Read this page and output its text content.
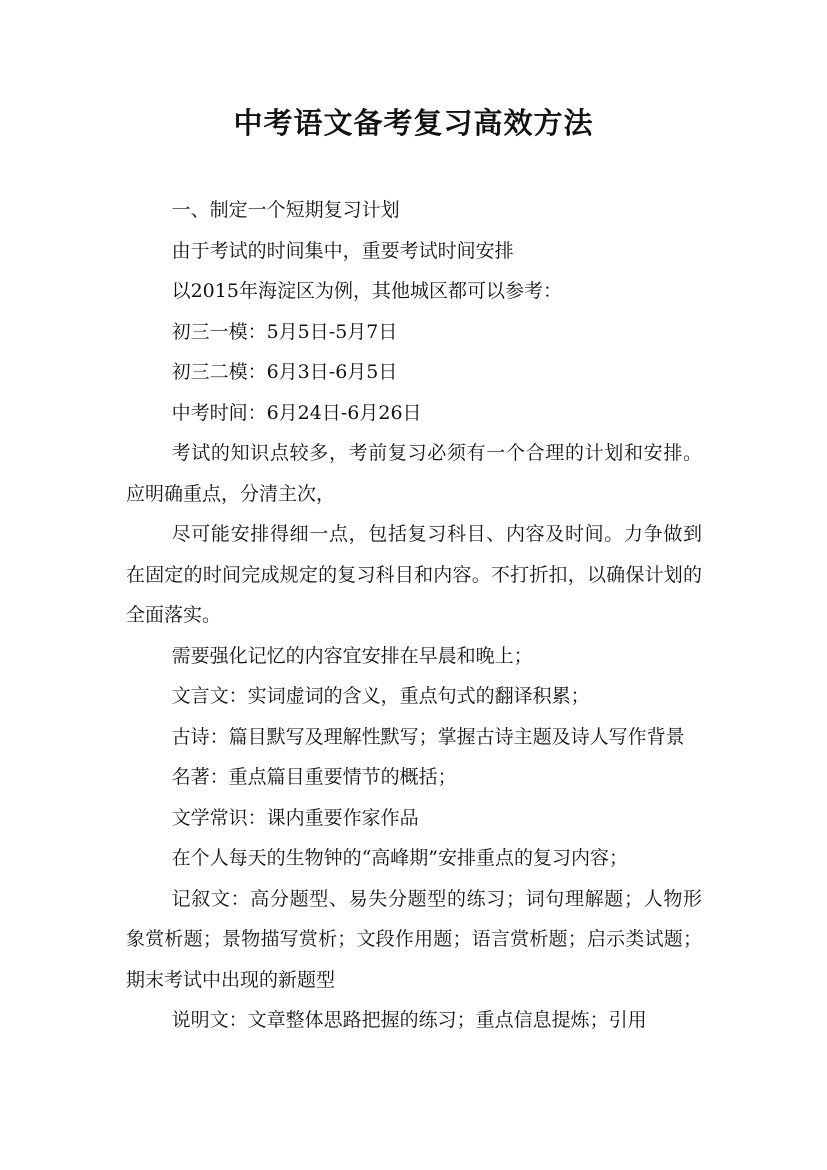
中考语文备考复习高效方法

一、制定一个短期复习计划

由于考试的时间集中，重要考试时间安排

以2015年海淀区为例，其他城区都可以参考：

初三一模：5月5日-5月7日

初三二模：6月3日-6月5日

中考时间：6月24日-6月26日

考试的知识点较多，考前复习必须有一个合理的计划和安排。应明确重点，分清主次，

尽可能安排得细一点，包括复习科目、内容及时间。力争做到在固定的时间完成规定的复习科目和内容。不打折扣，以确保计划的全面落实。

需要强化记忆的内容宜安排在早晨和晚上；

文言文：实词虚词的含义，重点句式的翻译积累；

古诗：篇目默写及理解性默写；掌握古诗主题及诗人写作背景

名著：重点篇目重要情节的概括；

文学常识：课内重要作家作品

在个人每天的生物钟的“高峰期”安排重点的复习内容；

记叙文：高分题型、易失分题型的练习；词句理解题；人物形象赏析题；景物描写赏析；文段作用题；语言赏析题；启示类试题；期末考试中出现的新题型

说明文：文章整体思路把握的练习；重点信息提炼；引用
